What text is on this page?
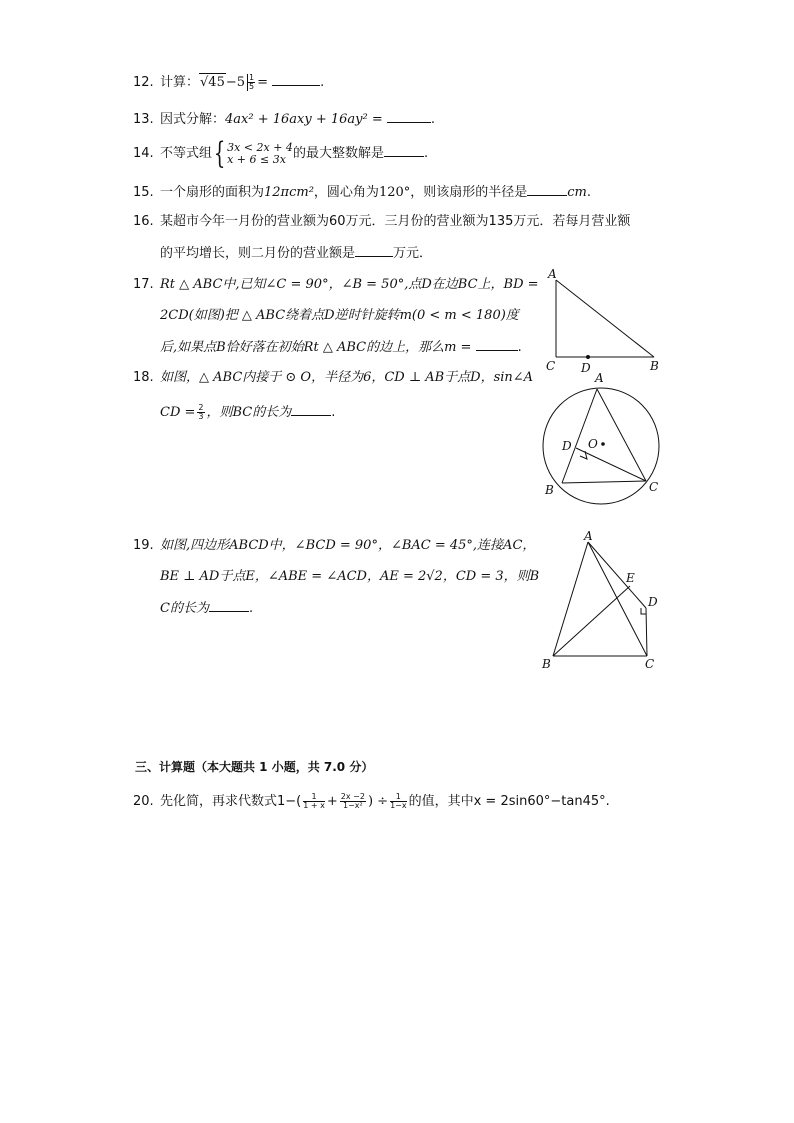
12. 计算：$√45-5 \frac{1}{5}$ =	.
13. 因式分解：4ax² + 16axy + 16ay² =	.
14. 不等式组{ 3x < 2x + 4
x + 6 ≤ 3x 的最大整数解是	.
15. 一个扇形的面积为12πcm²，圆心角为120°，则该扇形的半径是	cm.
16. 某超市今年一月份的营业额为60万元．三月份的营业额为135万元．若每月营业额
的平均增长，则二月份的营业额是	万元．
17. Rt △ ABC中,已知∠C = 90°，∠B = 50°,点D在边BC上，BD =
2CD(如图)把 △ ABC绕着点D逆时针旋转m(0 < m < 180)度
后,如果点B恰好落在初始Rt △ ABC的边上，那么m =	.
A
C D	B
18. 如图，△ ABC内接于 ⊙ O，半径为6，CD ⊥ AB于点D，sin∠A
CD = $\frac{2}{3}$ ，则BC的长为	.
A
D O
B	C
19. 如图,四边形ABCD中，∠BCD = 90°，∠BAC = 45°,连接AC，
BE ⊥ AD于点E，∠ABE = ∠ACD，AE = 2√2，CD = 3，则B
C的长为	.
A
E
D
B	C
三、计算题（本大题共 1 小题，共 7.0 分）
20. 先化简，再求代数式$1-( \frac{1}{1 + x} + \frac{2x -2}{\text{1−x²}}$ ) ÷ $\frac{1}{1-x}$ 的值，其中x = 2sin60°−tan45°.
